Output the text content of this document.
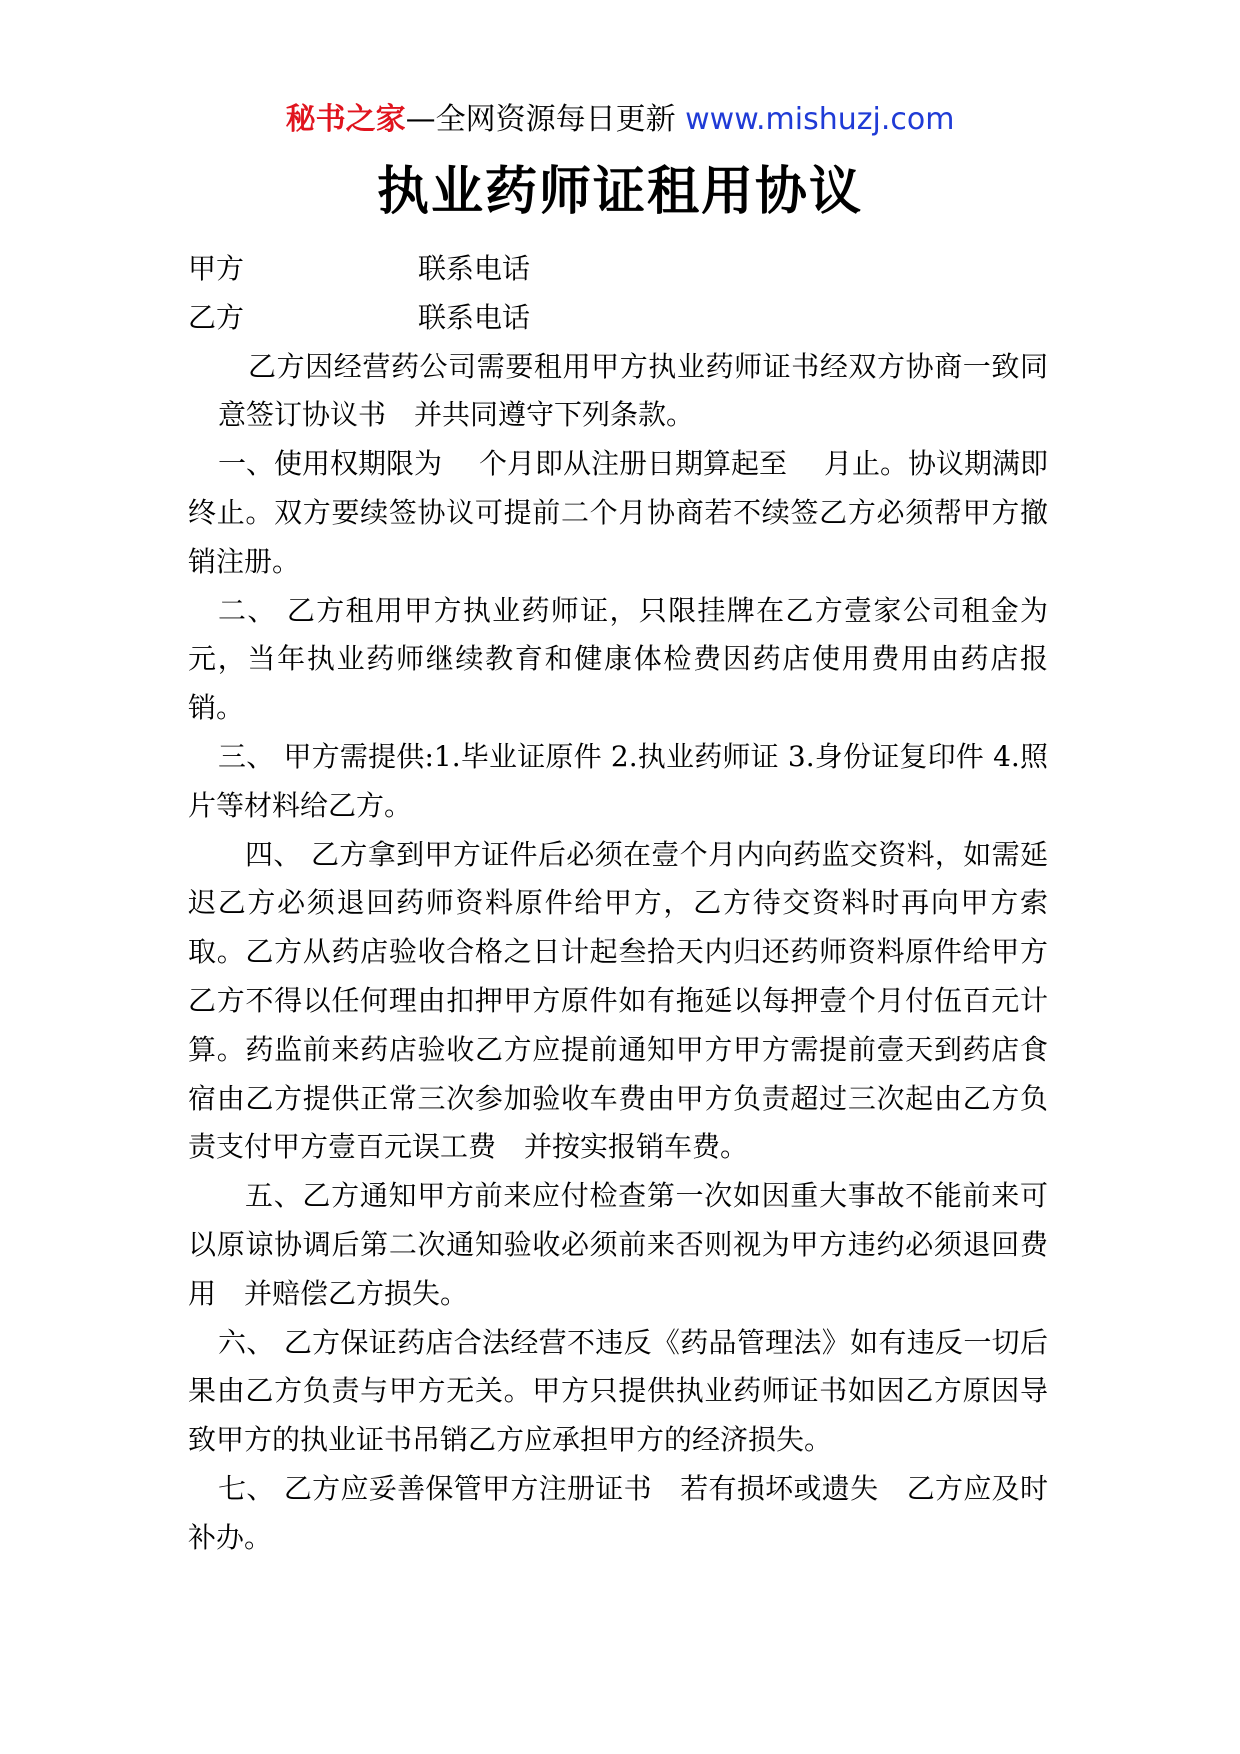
秘书之家—全网资源每日更新 www.mishuzj.com
执业药师证租用协议
甲方	联系电话
乙方	联系电话

乙方因经营药公司需要租用甲方执业药师证书经双方协商一致同意签订协议书　并共同遵守下列条款。

一、使用权期限为　 个月即从注册日期算起至　 月止。协议期满即终止。双方要续签协议可提前二个月协商若不续签乙方必须帮甲方撤销注册。

二、 乙方租用甲方执业药师证，只限挂牌在乙方壹家公司租金为元，当年执业药师继续教育和健康体检费因药店使用费用由药店报销。

三、 甲方需提供:1.毕业证原件 2.执业药师证 3.身份证复印件 4.照片等材料给乙方。

四、 乙方拿到甲方证件后必须在壹个月内向药监交资料，如需延迟乙方必须退回药师资料原件给甲方，乙方待交资料时再向甲方索取。乙方从药店验收合格之日计起叁拾天内归还药师资料原件给甲方乙方不得以任何理由扣押甲方原件如有拖延以每押壹个月付伍百元计算。药监前来药店验收乙方应提前通知甲方甲方需提前壹天到药店食宿由乙方提供正常三次参加验收车费由甲方负责超过三次起由乙方负责支付甲方壹百元误工费　并按实报销车费。

五、乙方通知甲方前来应付检查第一次如因重大事故不能前来可以原谅协调后第二次通知验收必须前来否则视为甲方违约必须退回费用　并赔偿乙方损失。

六、 乙方保证药店合法经营不违反《药品管理法》如有违反一切后果由乙方负责与甲方无关。甲方只提供执业药师证书如因乙方原因导致甲方的执业证书吊销乙方应承担甲方的经济损失。

七、 乙方应妥善保管甲方注册证书　若有损坏或遗失　乙方应及时补办。
